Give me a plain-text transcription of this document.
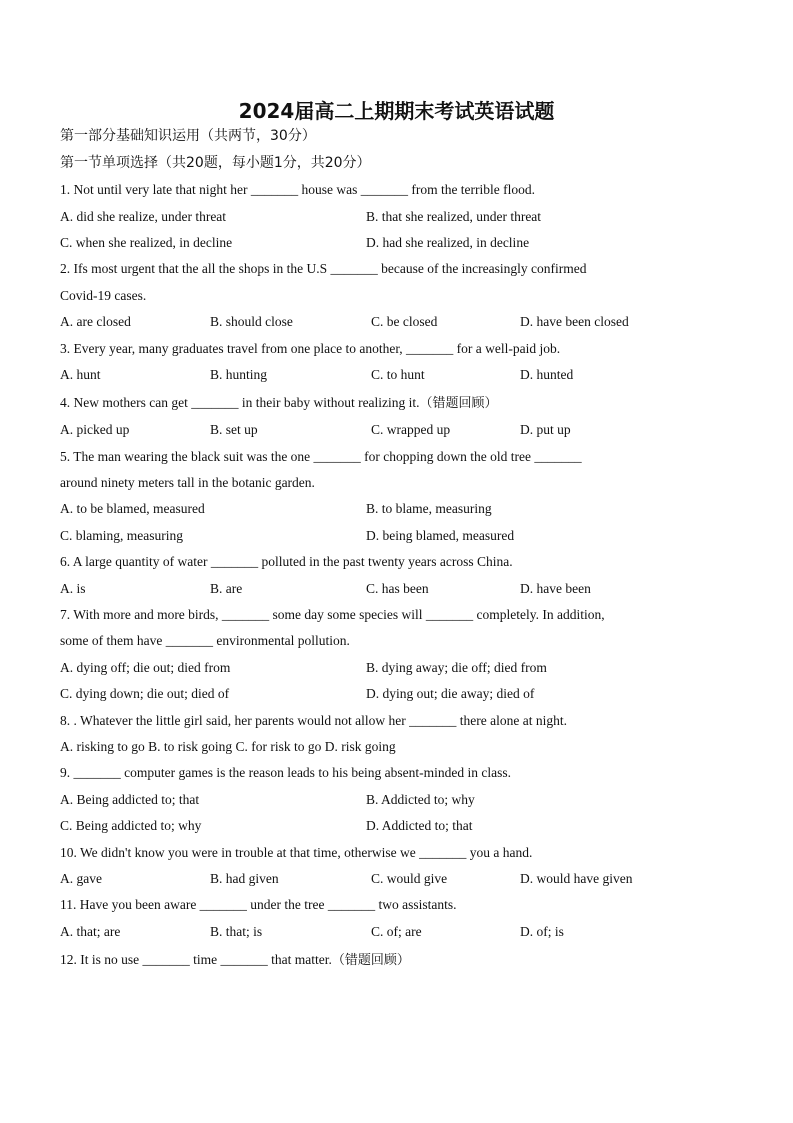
2024届高二上期期末考试英语试题
第一部分基础知识运用（共两节，30分）
第一节单项选择（共20题，每小题1分，共20分）
1. Not until very late that night her _______ house was _______ from the terrible flood.
A. did she realize, under threat	B. that she realized, under threat
C. when she realized, in decline	D. had she realized, in decline
2. Ifs most urgent that the all the shops in the U.S _______ because of the increasingly confirmed
Covid-19 cases.
A. are closed	B. should close	C. be closed	D. have been closed
3. Every year, many graduates travel from one place to another, _______ for a well-paid job.
A. hunt	B. hunting	C. to hunt	D. hunted
4. New mothers can get _______ in their baby without realizing it.（错题回顾）
A. picked up	B. set up	C. wrapped up	D. put up
5. The man wearing the black suit was the one _______ for chopping down the old tree _______
around ninety meters tall in the botanic garden.
A. to be blamed, measured	B. to blame, measuring
C. blaming, measuring	D. being blamed, measured
6. A large quantity of water _______ polluted in the past twenty years across China.
A. is	B. are	C. has been	D. have been
7. With more and more birds, _______ some day some species will _______ completely. In addition,
some of them have _______ environmental pollution.
A. dying off; die out; died from	B. dying away; die off; died from
C. dying down; die out; died of	D. dying out; die away; died of
8. . Whatever the little girl said, her parents would not allow her _______ there alone at night.
A. risking to go B. to risk going C. for risk to go D. risk going
9. _______ computer games is the reason leads to his being absent-minded in class.
A. Being addicted to; that	B. Addicted to; why
C. Being addicted to; why	D. Addicted to; that
10. We didn't know you were in trouble at that time, otherwise we _______ you a hand.
A. gave	B. had given	C. would give	D. would have given
11. Have you been aware _______ under the tree _______ two assistants.
A. that; are	B. that; is	C. of; are	D. of; is
12. It is no use _______ time _______ that matter.（错题回顾）
